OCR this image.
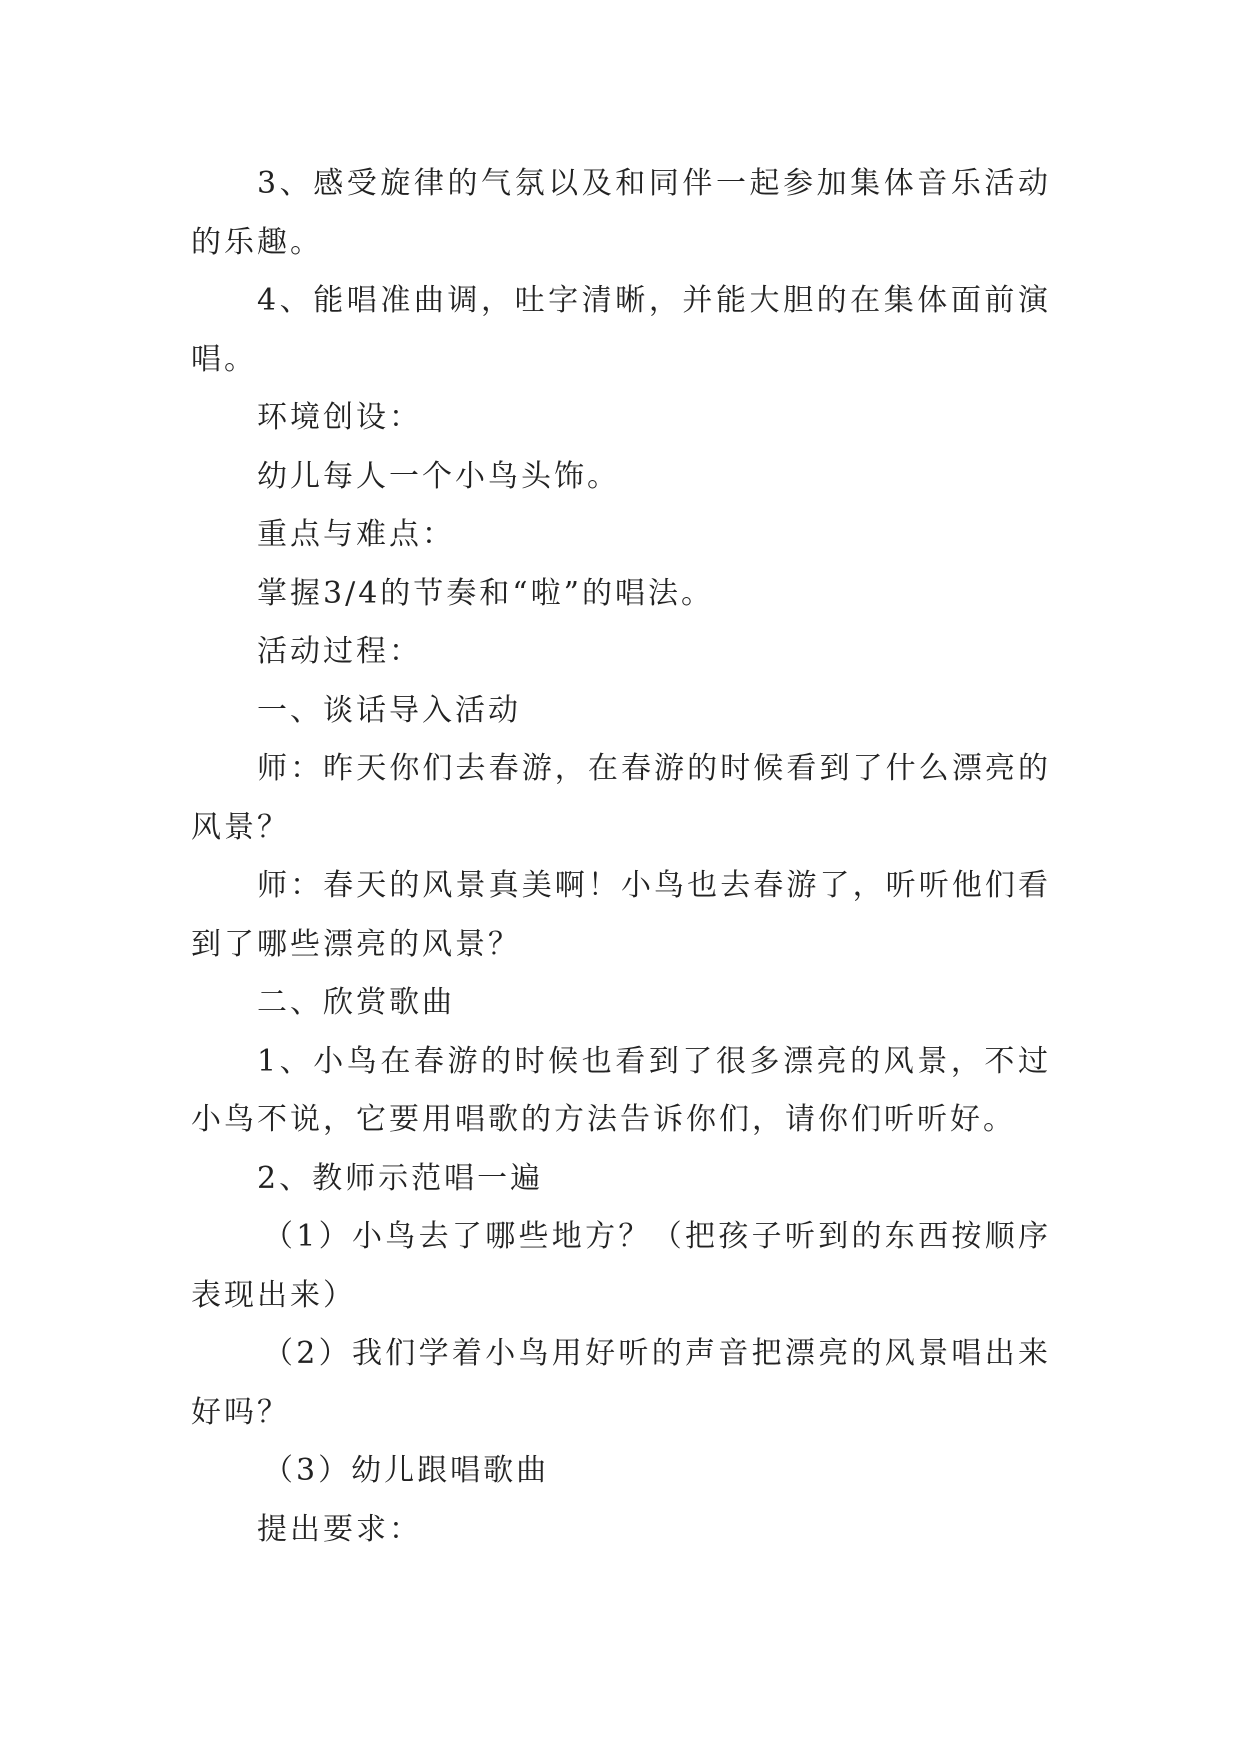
3、感受旋律的气氛以及和同伴一起参加集体音乐活动的乐趣。

4、能唱准曲调，吐字清晰，并能大胆的在集体面前演唱。

环境创设：

幼儿每人一个小鸟头饰。

重点与难点：

掌握3/4的节奏和“啦”的唱法。

活动过程：

一、谈话导入活动

师：昨天你们去春游，在春游的时候看到了什么漂亮的风景？

师：春天的风景真美啊！小鸟也去春游了，听听他们看到了哪些漂亮的风景？

二、欣赏歌曲

1、小鸟在春游的时候也看到了很多漂亮的风景，不过小鸟不说，它要用唱歌的方法告诉你们，请你们听听好。

2、教师示范唱一遍

（1）小鸟去了哪些地方？（把孩子听到的东西按顺序表现出来）

（2）我们学着小鸟用好听的声音把漂亮的风景唱出来好吗？

（3）幼儿跟唱歌曲

提出要求：
